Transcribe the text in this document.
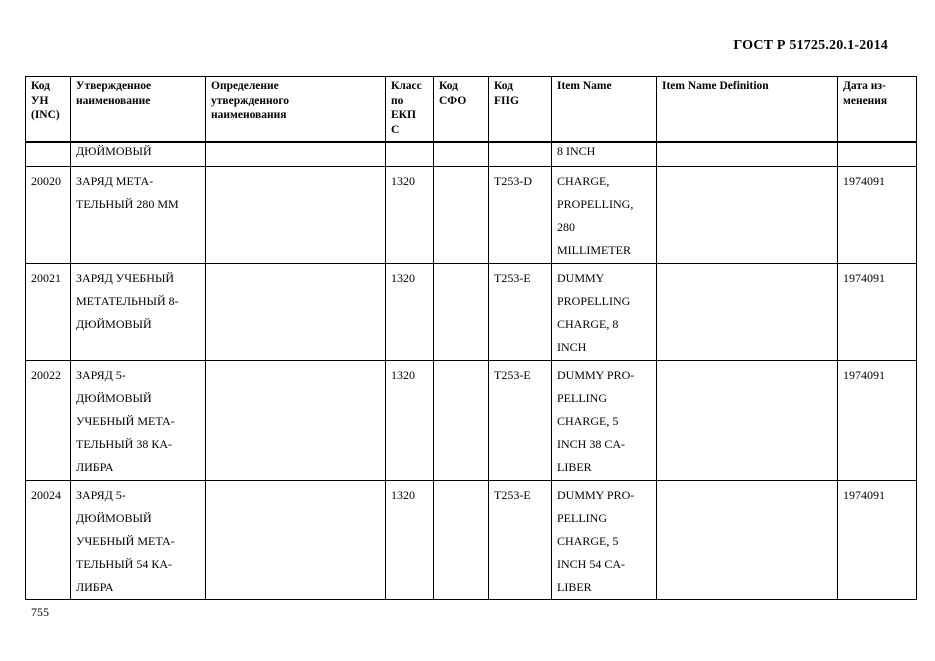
ГОСТ Р 51725.20.1-2014
Код
УН
(INC)	Утвержденное
наименование	Определение
утвержденного
наименования	Класс
по
ЕКП
С	Код
СФО	Код
FIIG	Item Name	Item Name Definition	Дата из-
менения

	ДЮЙМОВЫЙ					8 INCH		

20020	ЗАРЯД МЕТА-
ТЕЛЬНЫЙ 280 ММ		1320		T253-D	CHARGE,
PROPELLING,
280
MILLIMETER		1974091

20021	ЗАРЯД УЧЕБНЫЙ
МЕТАТЕЛЬНЫЙ 8-
ДЮЙМОВЫЙ		1320		T253-E	DUMMY
PROPELLING
CHARGE, 8
INCH		1974091

20022	ЗАРЯД 5-
ДЮЙМОВЫЙ
УЧЕБНЫЙ МЕТА-
ТЕЛЬНЫЙ 38 КА-
ЛИБРА		1320		T253-E	DUMMY PRO-
PELLING
CHARGE, 5
INCH 38 CA-
LIBER		1974091

20024	ЗАРЯД 5-
ДЮЙМОВЫЙ
УЧЕБНЫЙ МЕТА-
ТЕЛЬНЫЙ 54 КА-
ЛИБРА		1320		T253-E	DUMMY PRO-
PELLING
CHARGE, 5
INCH 54 CA-
LIBER		1974091
755
